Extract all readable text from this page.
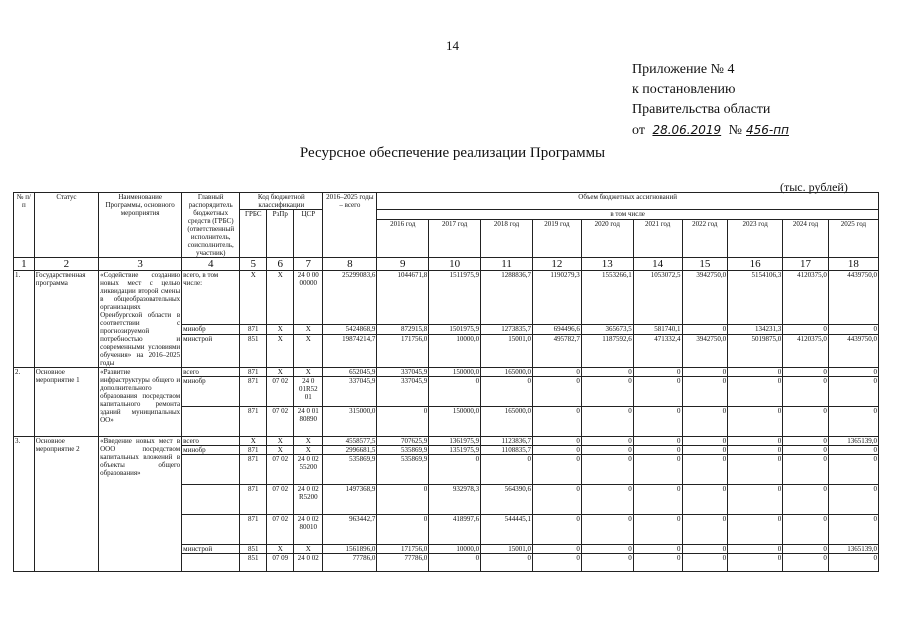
14
Приложение № 4
к постановлению
Правительства области
от 28.06.2019 № 456-пп
Ресурсное обеспечение реализации Программы
(тыс. рублей)
№ п/п	Статус	Наименование Программы, основного мероприятия	Главный распорядитель бюджетных средств (ГРБС) (ответственный исполнитель, соисполнитель, участник)	Код бюджетной классификации			2016–2025 годы – всего	Объем бюджетных ассигнований									
				ГРБС	РзПр	ЦСР		в том числе									
								2016 год	2017 год	2018 год	2019 год	2020 год	2021 год	2022 год	2023 год	2024 год	2025 год
1	2	3	4	5	6	7	8	9	10	11	12	13	14	15	16	17	18
1.	Государственная программа	«Содействие созданию новых мест с целью ликвидации второй смены в общеобразовательных организациях Оренбургской области в соответствии с прогнозируемой потребностью и современными условиями обучения» на 2016–2025 годы	всего, в том числе:	Х	Х	24 0 00 00000	25299083,6	1044671,8	1511975,9	1288836,7	1190279,3	1553266,1	1053072,5	3942750,0	5154106,3	4120375,0	4439750,0
			минобр	871	Х	Х	5424868,9	872915,8	1501975,9	1273835,7	694496,6	365673,5	581740,1	0	134231,3	0	0
			минстрой	851	Х	Х	19874214,7	171756,0	10000,0	15001,0	495782,7	1187592,6	471332,4	3942750,0	5019875,0	4120375,0	4439750,0
2.	Основное мероприятие 1	«Развитие инфраструктуры общего и дополнительного образования посредством капитального ремонта зданий муниципальных ОО»	всего	871	Х	Х	652045,9	337045,9	150000,0	165000,0	0	0	0	0	0	0	0
			минобр	871	07 02	24 0 01R52 01	337045,9	337045,9	0	0	0	0	0	0	0	0	0
				871	07 02	24 0 01 80890	315000,0	0	150000,0	165000,0	0	0	0	0	0	0	0
3.	Основное мероприятие 2	«Введение новых мест в ООО посредством капитальных вложений в объекты общего образования»	всего	Х	Х	Х	4558577,5	707625,9	1361975,9	1123836,7	0	0	0	0	0	0	1365139,0
			минобр	871	Х	Х	2996681,5	535869,9	1351975,9	1108835,7	0	0	0	0	0	0	0
				871	07 02	24 0 02 55200	535869,9	535869,9	0	0	0	0	0	0	0	0	0
				871	07 02	24 0 02 R5200	1497368,9	0	932978,3	564390,6	0	0	0	0	0	0	0
				871	07 02	24 0 02 80010	963442,7	0	418997,6	544445,1	0	0	0	0	0	0	0
			минстрой	851	Х	Х	1561896,0	171756,0	10000,0	15001,0	0	0	0	0	0	0	1365139,0
				851	07 09	24 0 02	77786,0	77786,0	0	0	0	0	0	0	0	0	0
